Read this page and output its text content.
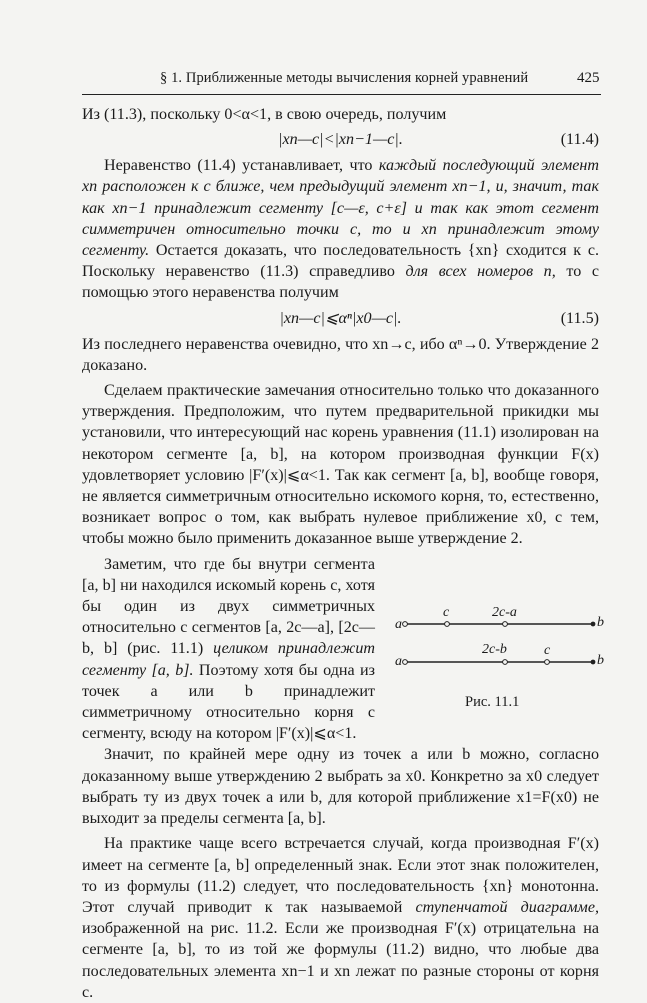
§ 1. Приближенные методы вычисления корней уравнений	425

Из (11.3), поскольку 0<α<1, в свою очередь, получим

|xn—c|<|xn−1—c|.	(11.4)

Неравенство (11.4) устанавливает, что каждый последующий элемент xn расположен к c ближе, чем предыдущий элемент xn−1, и, значит, так как xn−1 принадлежит сегменту [c—ε, c+ε] и так как этот сегмент симметричен относительно точки c, то и xn принадлежит этому сегменту. Остается доказать, что последовательность {xn} сходится к c. Поскольку неравенство (11.3) справедливо для всех номеров n, то с помощью этого неравенства получим

|xn—c|⩽αⁿ|x0—c|.	(11.5)

Из последнего неравенства очевидно, что xn→c, ибо αⁿ→0. Утверждение 2 доказано.

Сделаем практические замечания относительно только что доказанного утверждения. Предположим, что путем предварительной прикидки мы установили, что интересующий нас корень уравнения (11.1) изолирован на некотором сегменте [a, b], на котором производная функции F(x) удовлетворяет условию |F′(x)|⩽α<1. Так как сегмент [a, b], вообще говоря, не является симметричным относительно искомого корня, то, естественно, возникает вопрос о том, как выбрать нулевое приближение x0, с тем, чтобы можно было применить доказанное выше утверждение 2.

Заметим, что где бы внутри сегмента [a, b] ни находился искомый корень c, хотя бы один из двух симметричных относительно c сегментов [a, 2c—a], [2c—b, b] (рис. 11.1) целиком принадлежит сегменту [a, b]. Поэтому хотя бы одна из точек a или b принадлежит симметричному относительно корня c сегменту, всюду на котором |F′(x)|⩽α<1.

Значит, по крайней мере одну из точек a или b можно, согласно доказанному выше утверждению 2 выбрать за x0. Конкретно за x0 следует выбрать ту из двух точек a или b, для которой приближение x1=F(x0) не выходит за пределы сегмента [a, b].

На практике чаще всего встречается случай, когда производная F′(x) имеет на сегменте [a, b] определенный знак. Если этот знак положителен, то из формулы (11.2) следует, что последовательность {xn} монотонна. Этот случай приводит к так называемой ступенчатой диаграмме, изображенной на рис. 11.2. Если же производная F′(x) отрицательна на сегменте [a, b], то из той же формулы (11.2) видно, что любые два последовательных элемента xn−1 и xn лежат по разные стороны от корня c.

a
c	2c-a
b
a
2c-b	c
b
Рис. 11.1
